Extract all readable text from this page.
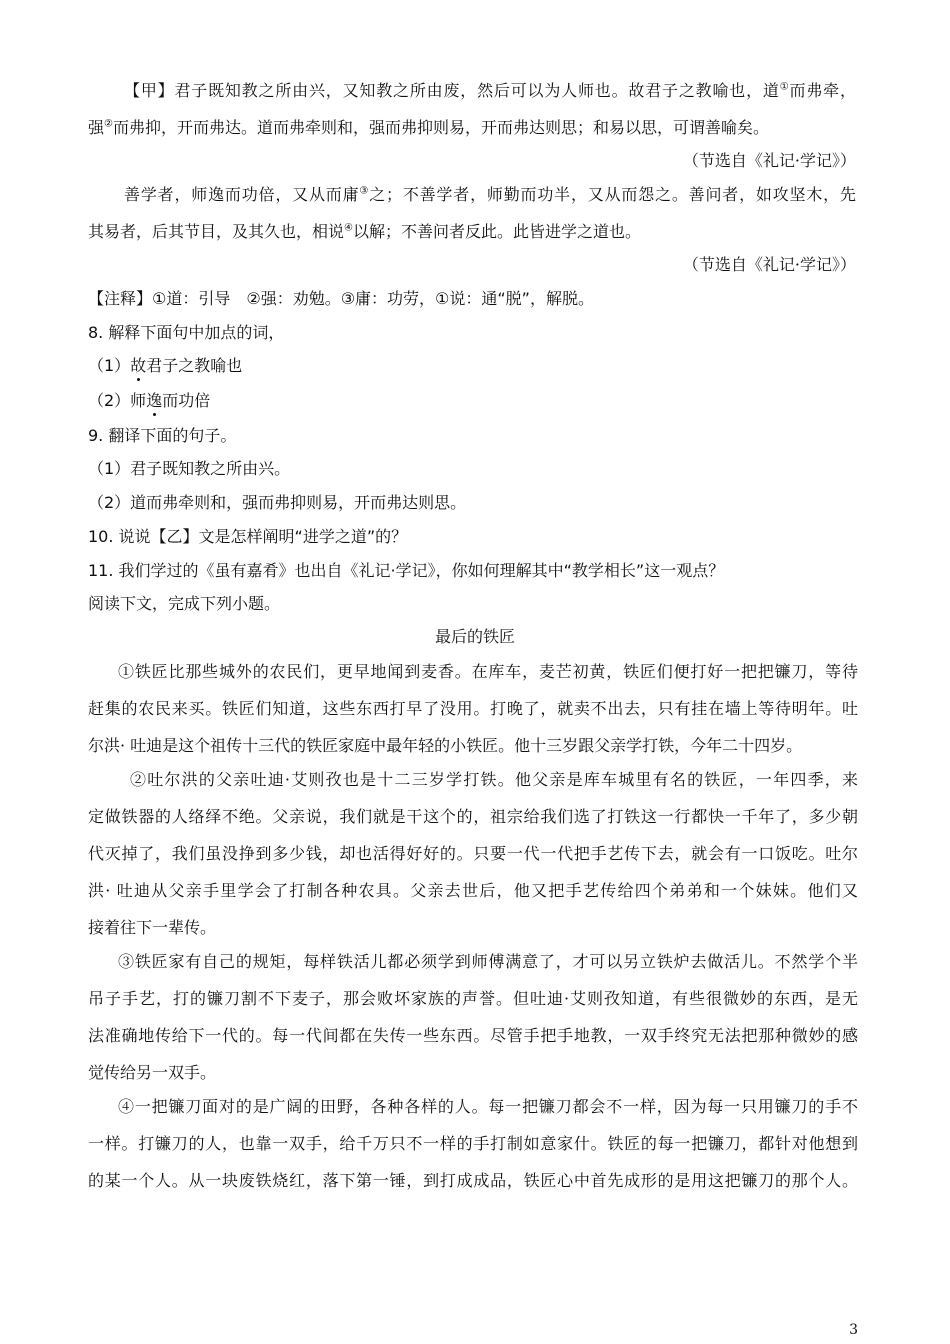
【甲】君子既知教之所由兴，又知教之所由废，然后可以为人师也。故君子之教喻也，道①而弗牵，
强②而弗抑，开而弗达。道而弗牵则和，强而弗抑则易，开而弗达则思；和易以思，可谓善喻矣。
（节选自《礼记·学记》）
善学者，师逸而功倍，又从而庸③之；不善学者，师勤而功半，又从而怨之。善问者，如攻坚木，先
其易者，后其节目，及其久也，相说④以解；不善问者反此。此皆进学之道也。
（节选自《礼记·学记》）
【注释】①道：引导　②强：劝勉。③庸：功劳，①说：通“脱”，解脱。
8. 解释下面句中加点的词，
（1）故君子之教喻也
（2）师逸而功倍
9. 翻译下面的句子。
（1）君子既知教之所由兴。
（2）道而弗牵则和，强而弗抑则易，开而弗达则思。
10. 说说【乙】文是怎样阐明“进学之道”的？
11. 我们学过的《虽有嘉肴》也出自《礼记·学记》，你如何理解其中“教学相长”这一观点？
阅读下文，完成下列小题。
最后的铁匠
①铁匠比那些城外的农民们，更早地闻到麦香。在库车，麦芒初黄，铁匠们便打好一把把镰刀，等待
赶集的农民来买。铁匠们知道，这些东西打早了没用。打晚了，就卖不出去，只有挂在墙上等待明年。吐
尔洪· 吐迪是这个祖传十三代的铁匠家庭中最年轻的小铁匠。他十三岁跟父亲学打铁，今年二十四岁。
②吐尔洪的父亲吐迪·艾则孜也是十二三岁学打铁。他父亲是库车城里有名的铁匠，一年四季，来
定做铁器的人络绎不绝。父亲说，我们就是干这个的，祖宗给我们选了打铁这一行都快一千年了，多少朝
代灭掉了，我们虽没挣到多少钱，却也活得好好的。只要一代一代把手艺传下去，就会有一口饭吃。吐尔
洪· 吐迪从父亲手里学会了打制各种农具。父亲去世后，他又把手艺传给四个弟弟和一个妹妹。他们又
接着往下一辈传。
③铁匠家有自己的规矩，每样铁活儿都必须学到师傅满意了，才可以另立铁炉去做活儿。不然学个半
吊子手艺，打的镰刀割不下麦子，那会败坏家族的声誉。但吐迪·艾则孜知道，有些很微妙的东西，是无
法准确地传给下一代的。每一代间都在失传一些东西。尽管手把手地教，一双手终究无法把那种微妙的感
觉传给另一双手。
④一把镰刀面对的是广阔的田野，各种各样的人。每一把镰刀都会不一样，因为每一只用镰刀的手不
一样。打镰刀的人，也靠一双手，给千万只不一样的手打制如意家什。铁匠的每一把镰刀，都针对他想到
的某一个人。从一块废铁烧红，落下第一锤，到打成成品，铁匠心中首先成形的是用这把镰刀的那个人。
3
